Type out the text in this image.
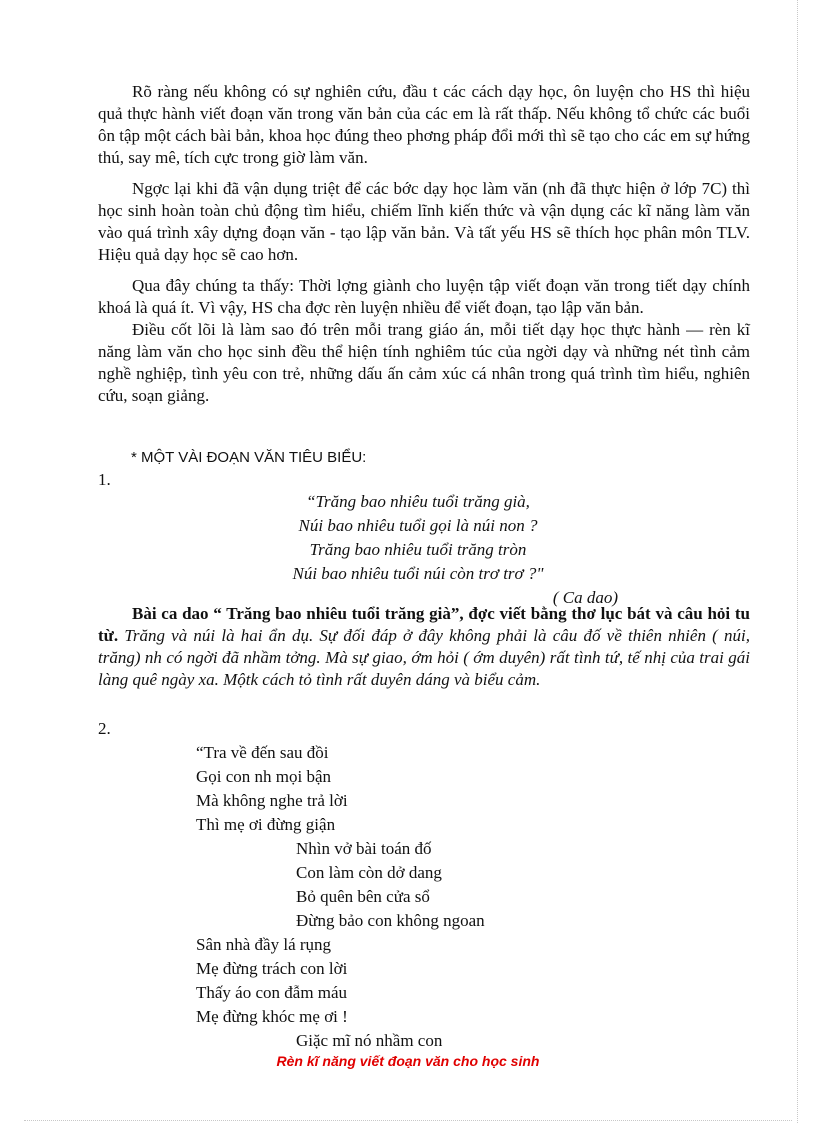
Rõ ràng nếu không có sự nghiên cứu, đầu t các cách dạy học, ôn luyện cho HS thì hiệu quả thực hành viết đoạn văn trong văn bản của các em là rất thấp. Nếu không tổ chức các buổi ôn tập một cách bài bản, khoa học đúng theo phơng pháp đổi mới thì sẽ tạo cho các em sự hứng thú, say mê, tích cực trong giờ làm văn.

Ngợc lại khi đã vận dụng triệt để các bớc dạy học làm văn (nh đã thực hiện ở lớp 7C) thì học sinh hoàn toàn chủ động tìm hiểu, chiếm lĩnh kiến thức và vận dụng các kĩ năng làm văn vào quá trình xây dựng đoạn văn - tạo lập văn bản. Và tất yếu HS sẽ thích học phân môn TLV. Hiệu quả dạy học sẽ cao hơn.

Qua đây chúng ta thấy: Thời lợng giành cho luyện tập viết đoạn văn trong tiết dạy chính khoá là quá ít. Vì vậy, HS cha đợc rèn luyện nhiều để viết đoạn, tạo lập văn bản.

Điều cốt lõi là làm sao đó trên mỗi trang giáo án, mỗi tiết dạy học thực hành — rèn kĩ năng làm văn cho học sinh đều thể hiện tính nghiêm túc của ngời dạy và những nét tình cảm nghề nghiệp, tình yêu con trẻ, những dấu ấn cảm xúc cá nhân trong quá trình tìm hiểu, nghiên cứu, soạn giảng.

* MỘT VÀI ĐOẠN VĂN TIÊU BIỂU:
1.
“Trăng bao nhiêu tuổi trăng già,
Núi bao nhiêu tuổi gọi là núi non ?
Trăng bao nhiêu tuổi trăng tròn
Núi bao nhiêu tuổi núi còn trơ trơ ?"
( Ca dao)
Bài ca dao “ Trăng bao nhiêu tuổi trăng già”, đợc viết bằng thơ lục bát và câu hỏi tu từ. Trăng và núi là hai ẩn dụ. Sự đối đáp ở đây không phải là câu đố về thiên nhiên ( núi, trăng) nh có ngời đã nhầm tởng. Mà sự giao, ớm hỏi ( ớm duyên) rất tình tứ, tế nhị của trai gái làng quê ngày xa. Mộtk cách tỏ tình rất duyên dáng và biểu cảm.
2.
“Tra về đến sau đồi
Gọi con nh mọi bận
Mà không nghe trả lời
Thì mẹ ơi đừng giận
Nhìn vở bài toán đố
Con làm còn dở dang
Bỏ quên bên cửa sổ
Đừng bảo con không ngoan
Sân nhà đầy lá rụng
Mẹ đừng trách con lời
Thấy áo con đẫm máu
Mẹ đừng khóc mẹ ơi !
Giặc mĩ nó nhầm con
Rèn kĩ năng viết đoạn văn cho học sinh
